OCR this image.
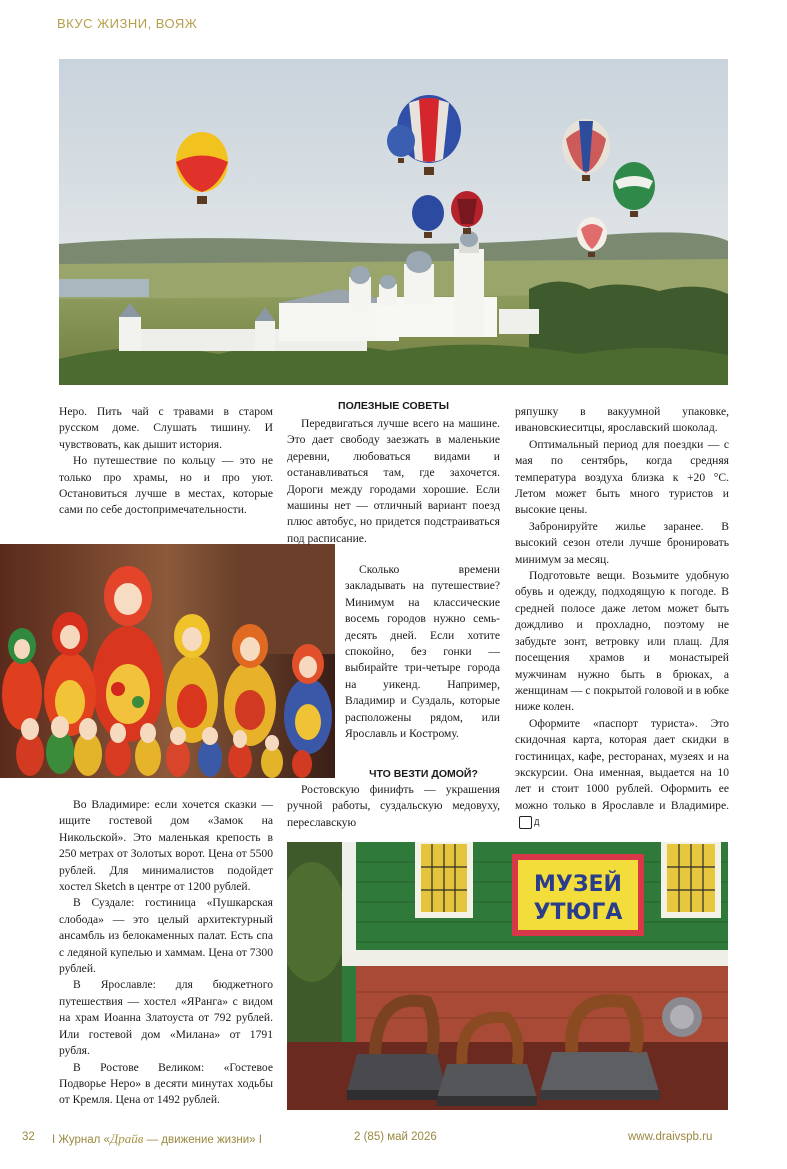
ВКУС ЖИЗНИ, ВОЯЖ

Неро. Пить чай с травами в старом русском доме. Слушать тишину. И чувствовать, как дышит история.

Но путешествие по кольцу — это не только про храмы, но и про уют. Остановиться лучше в местах, которые сами по себе достопримечательности.

Во Владимире: если хочется сказки — ищите гостевой дом «Замок на Никольской». Это маленькая крепость в 250 метрах от Золотых ворот. Цена от 5500 рублей. Для минималистов подойдет хостел Sketch в центре от 1200 рублей.

В Суздале: гостиница «Пушкарская слобода» — это целый архитектурный ансамбль из белокаменных палат. Есть спа с ледяной купелью и хаммам. Цена от 7300 рублей.

В Ярославле: для бюджетного путешествия — хостел «ЯРанга» с видом на храм Иоанна Златоуста от 792 рублей. Или гостевой дом «Милана» от 1791 рубля.

В Ростове Великом: «Гостевое Подворье Неро» в десяти минутах ходьбы от Кремля. Цена от 1492 рублей.

ПОЛЕЗНЫЕ СОВЕТЫ

Передвигаться лучше всего на машине. Это дает свободу заезжать в маленькие деревни, любоваться видами и останавливаться там, где захочется. Дороги между городами хорошие. Если машины нет — отличный вариант поезд плюс автобус, но придется подстраиваться под расписание.

Сколько времени закладывать на путешествие? Минимум на классические восемь городов нужно семь-десять дней. Если хотите спокойно, без гонки — выбирайте три-четыре города на уикенд. Например, Владимир и Суздаль, которые расположены рядом, или Ярославль и Кострому.

ЧТО ВЕЗТИ ДОМОЙ?

Ростовскую финифть — украшения ручной работы, суздальскую медовуху, переславскую

ряпушку в вакуумной упаковке, ивановскиеситцы, ярославский шоколад.

Оптимальный период для поездки — с мая по сентябрь, когда средняя температура воздуха близка к +20 °С. Летом может быть много туристов и высокие цены.

Забронируйте жилье заранее. В высокий сезон отели лучше бронировать минимум за месяц.

Подготовьте вещи. Возьмите удобную обувь и одежду, подходящую к погоде. В средней полосе даже летом может быть дождливо и прохладно, поэтому не забудьте зонт, ветровку или плащ. Для посещения храмов и монастырей мужчинам нужно быть в брюках, а женщинам — с покрытой головой и в юбке ниже колен.

Оформите «паспорт туриста». Это скидочная карта, которая дает скидки в гостиницах, кафе, ресторанах, музеях и на экскурсии. Она именная, выдается на 10 лет и стоит 1000 рублей. Оформить ее можно только в Ярославле и Владимире.Д

МУЗЕЙ
УТЮГА
32 I Журнал «Драйв — движение жизни» I	2 (85) май 2026	www.draivspb.ru
